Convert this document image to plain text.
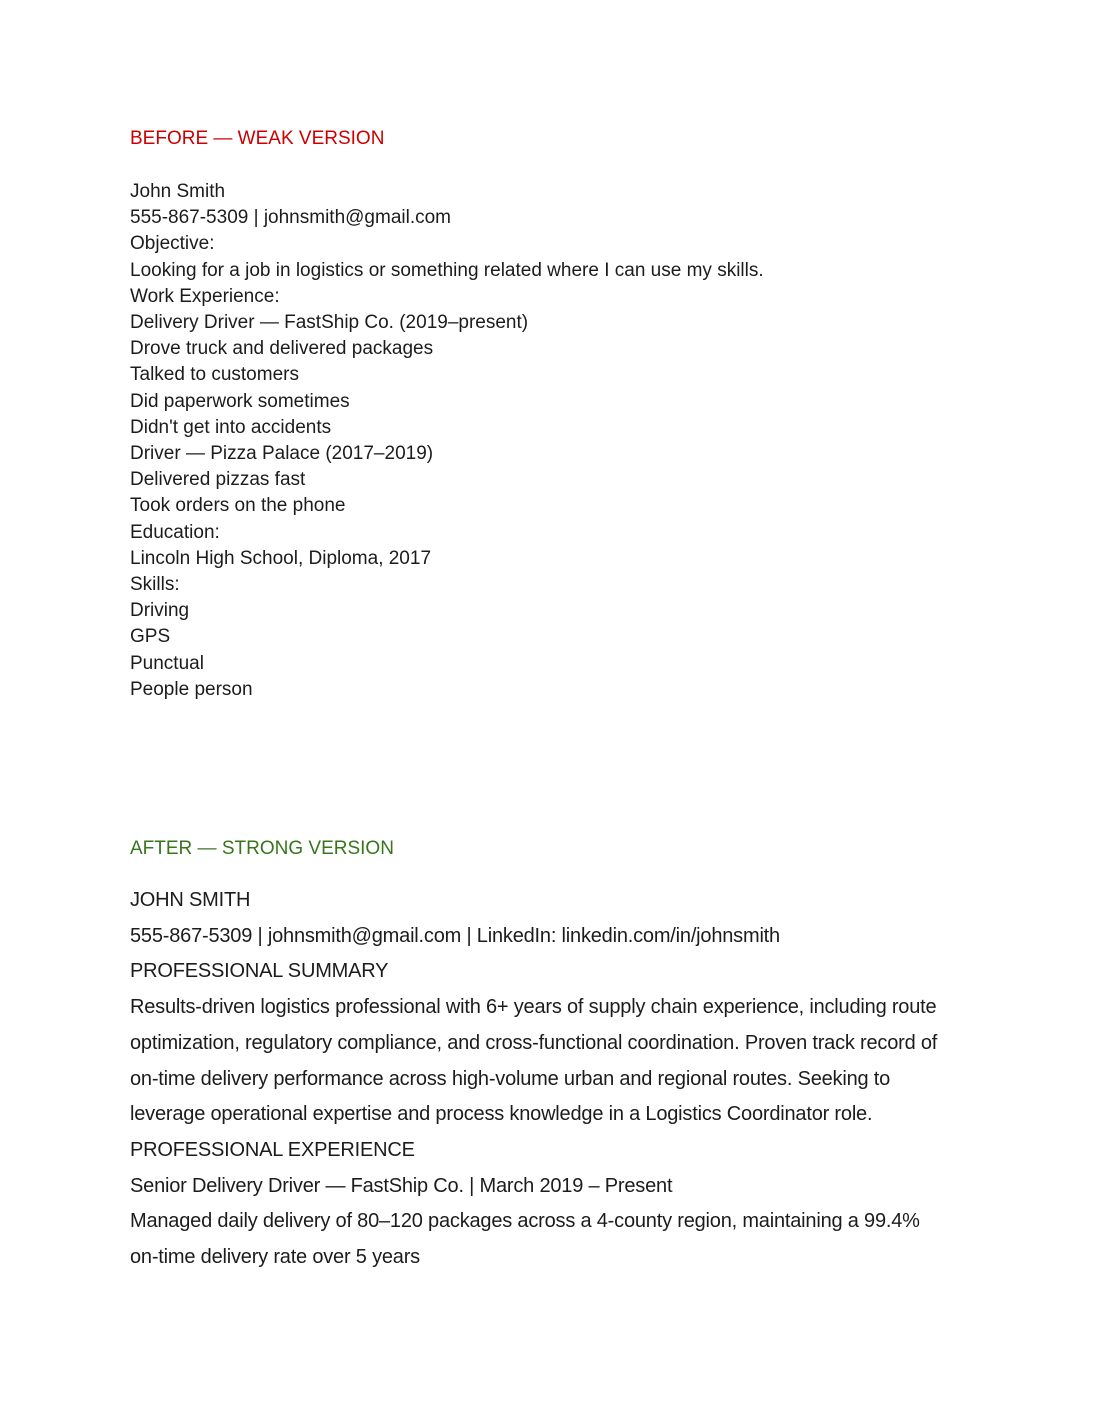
BEFORE — WEAK VERSION
John Smith
555-867-5309 | johnsmith@gmail.com
Objective:
Looking for a job in logistics or something related where I can use my skills.
Work Experience:
Delivery Driver — FastShip Co. (2019–present)
Drove truck and delivered packages
Talked to customers
Did paperwork sometimes
Didn't get into accidents
Driver — Pizza Palace (2017–2019)
Delivered pizzas fast
Took orders on the phone
Education:
Lincoln High School, Diploma, 2017
Skills:
Driving
GPS
Punctual
People person
AFTER — STRONG VERSION
JOHN SMITH
555-867-5309 | johnsmith@gmail.com | LinkedIn: linkedin.com/in/johnsmith
PROFESSIONAL SUMMARY
Results-driven logistics professional with 6+ years of supply chain experience, including route
optimization, regulatory compliance, and cross-functional coordination. Proven track record of
on-time delivery performance across high-volume urban and regional routes. Seeking to
leverage operational expertise and process knowledge in a Logistics Coordinator role.
PROFESSIONAL EXPERIENCE
Senior Delivery Driver — FastShip Co. | March 2019 – Present
Managed daily delivery of 80–120 packages across a 4-county region, maintaining a 99.4%
on-time delivery rate over 5 years
